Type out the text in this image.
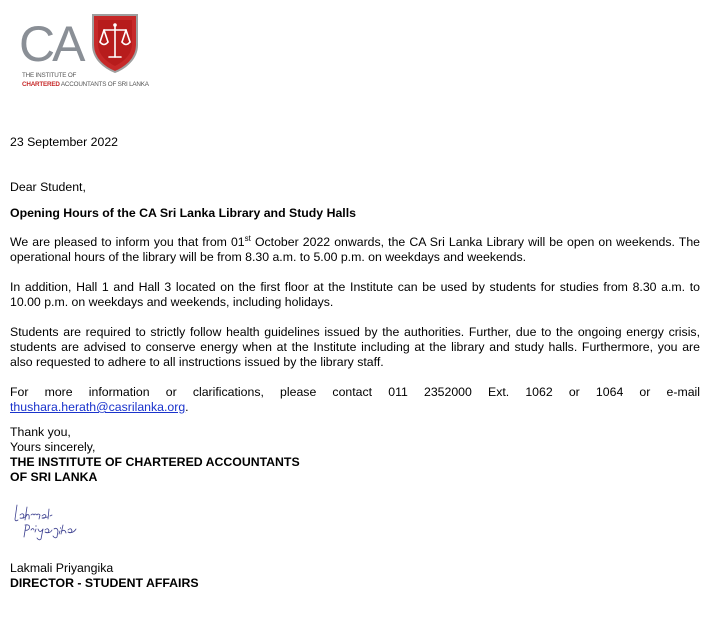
CA
THE INSTITUTE OF
CHARTERED ACCOUNTANTS OF SRI LANKA

23 September 2022

Dear Student,

Opening Hours of the CA Sri Lanka Library and Study Halls

We are pleased to inform you that from 01st October 2022 onwards, the CA Sri Lanka Library will be open on weekends. The operational hours of the library will be from 8.30 a.m. to 5.00 p.m. on weekdays and weekends.

In addition, Hall 1 and Hall 3 located on the first floor at the Institute can be used by students for studies from 8.30 a.m. to 10.00 p.m. on weekdays and weekends, including holidays.

Students are required to strictly follow health guidelines issued by the authorities. Further, due to the ongoing energy crisis, students are advised to conserve energy when at the Institute including at the library and study halls. Furthermore, you are also requested to adhere to all instructions issued by the library staff.

For more information or clarifications, please contact 011 2352000 Ext. 1062 or 1064 or e-mail thushara.herath@casrilanka.org.

Thank you,

Yours sincerely,

THE INSTITUTE OF CHARTERED ACCOUNTANTS

OF SRI LANKA

Lakmali Priyangika

DIRECTOR - STUDENT AFFAIRS
